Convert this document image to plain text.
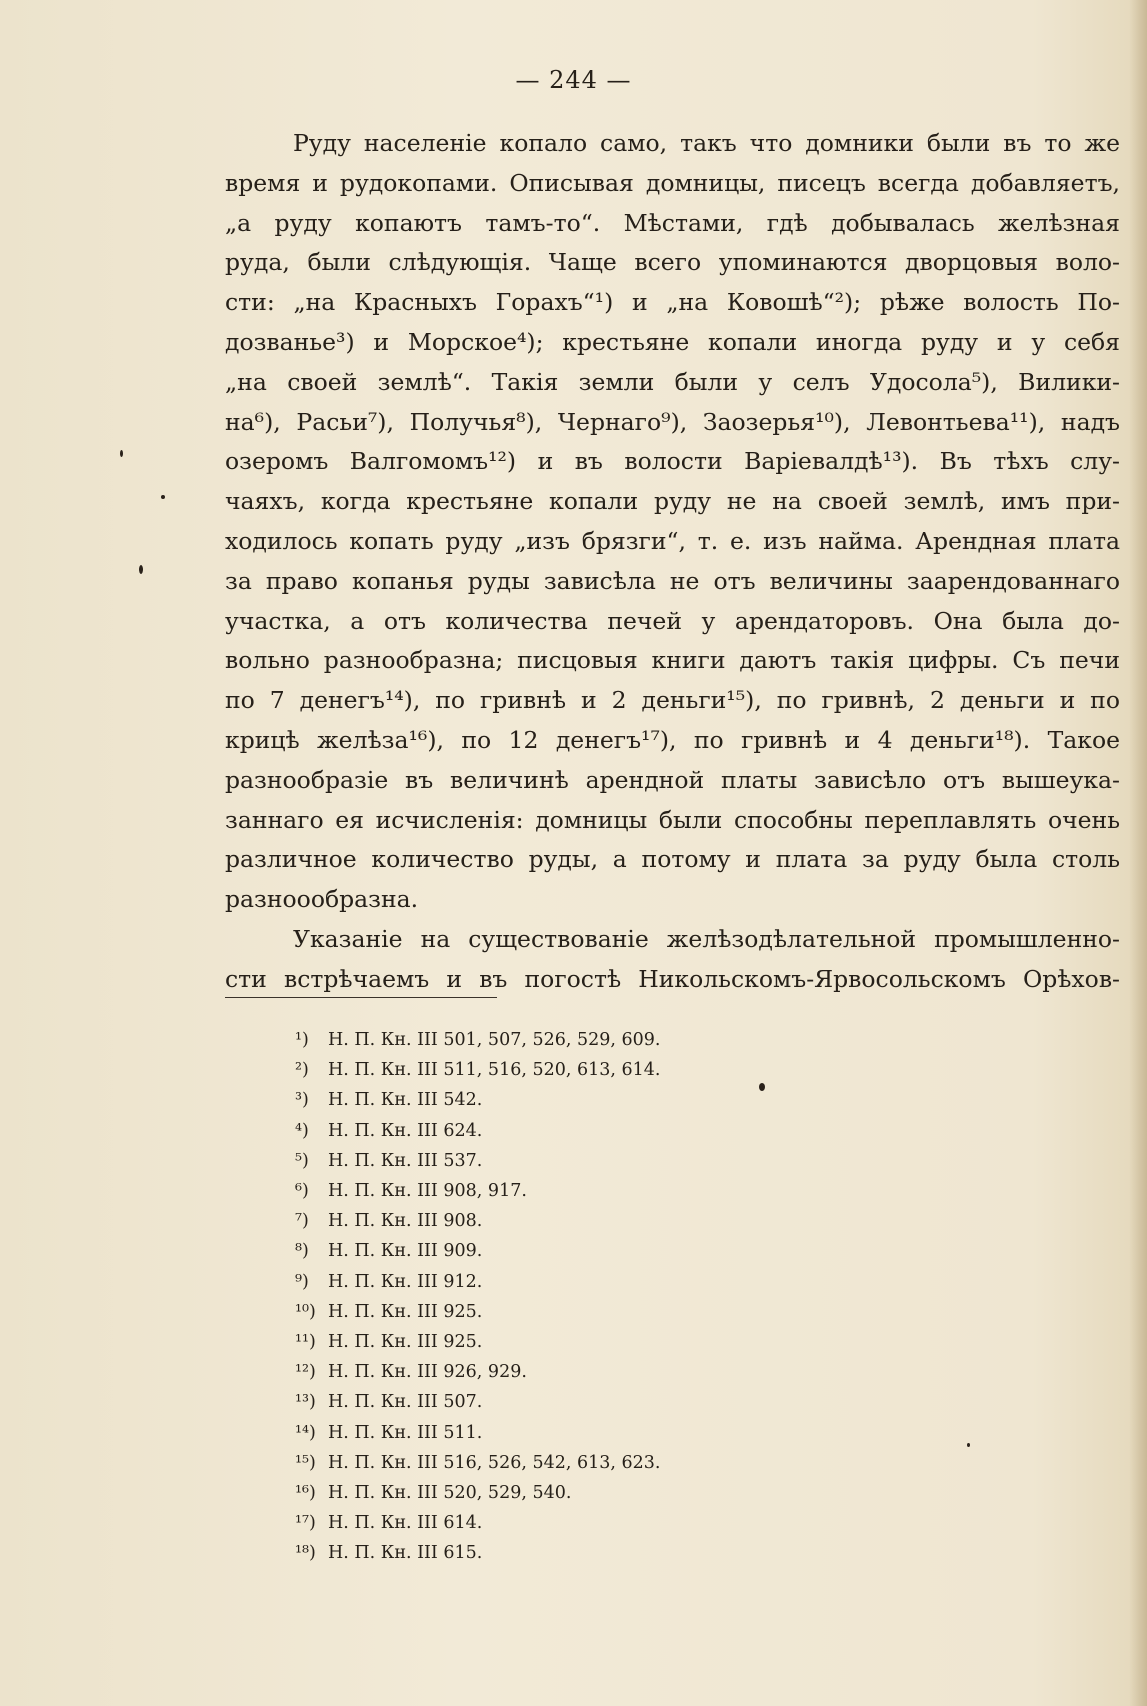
— 244 —
Руду населеніе копало само, такъ что домники были въ то же
время и рудокопами. Описывая домницы, писецъ всегда добавляетъ,
„а руду копаютъ тамъ-то“. Мѣстами, гдѣ добывалась желѣзная
руда, были слѣдующія. Чаще всего упоминаются дворцовыя воло-
сти: „на Красныхъ Горахъ“¹) и „на Ковошѣ“²); рѣже волость По-
дозванье³) и Морское⁴); крестьяне копали иногда руду и у себя
„на своей землѣ“. Такія земли были у селъ Удосола⁵), Вилики-
на⁶), Расьи⁷), Получья⁸), Чернаго⁹), Заозерья¹⁰), Левонтьева¹¹), надъ
озеромъ Валгомомъ¹²) и въ волости Варіевалдѣ¹³). Въ тѣхъ слу-
чаяхъ, когда крестьяне копали руду не на своей землѣ, имъ при-
ходилось копать руду „изъ брязги“, т. е. изъ найма. Арендная плата
за право копанья руды зависѣла не отъ величины заарендованнаго
участка, а отъ количества печей у арендаторовъ. Она была до-
вольно разнообразна; писцовыя книги даютъ такія цифры. Съ печи
по 7 денегъ¹⁴), по гривнѣ и 2 деньги¹⁵), по гривнѣ, 2 деньги и по
крицѣ желѣза¹⁶), по 12 денегъ¹⁷), по гривнѣ и 4 деньги¹⁸). Такое
разнообразіе въ величинѣ арендной платы зависѣло отъ вышеука-
заннаго ея исчисленія: домницы были способны переплавлять очень
различное количество руды, а потому и плата за руду была столь
разноообразна.
Указаніе на существованіе желѣзодѣлательной промышленно-
сти встрѣчаемъ и въ погостѣ Никольскомъ-Ярвосольскомъ Орѣхов-
¹) Н. П. Кн. III 501, 507, 526, 529, 609.
²) Н. П. Кн. III 511, 516, 520, 613, 614.
³) Н. П. Кн. III 542.
⁴) Н. П. Кн. III 624.
⁵) Н. П. Кн. III 537.
⁶) Н. П. Кн. III 908, 917.
⁷) Н. П. Кн. III 908.
⁸) Н. П. Кн. III 909.
⁹) Н. П. Кн. III 912.
¹⁰) Н. П. Кн. III 925.
¹¹) Н. П. Кн. III 925.
¹²) Н. П. Кн. III 926, 929.
¹³) Н. П. Кн. III 507.
¹⁴) Н. П. Кн. III 511.
¹⁵) Н. П. Кн. III 516, 526, 542, 613, 623.
¹⁶) Н. П. Кн. III 520, 529, 540.
¹⁷) Н. П. Кн. III 614.
¹⁸) Н. П. Кн. III 615.
